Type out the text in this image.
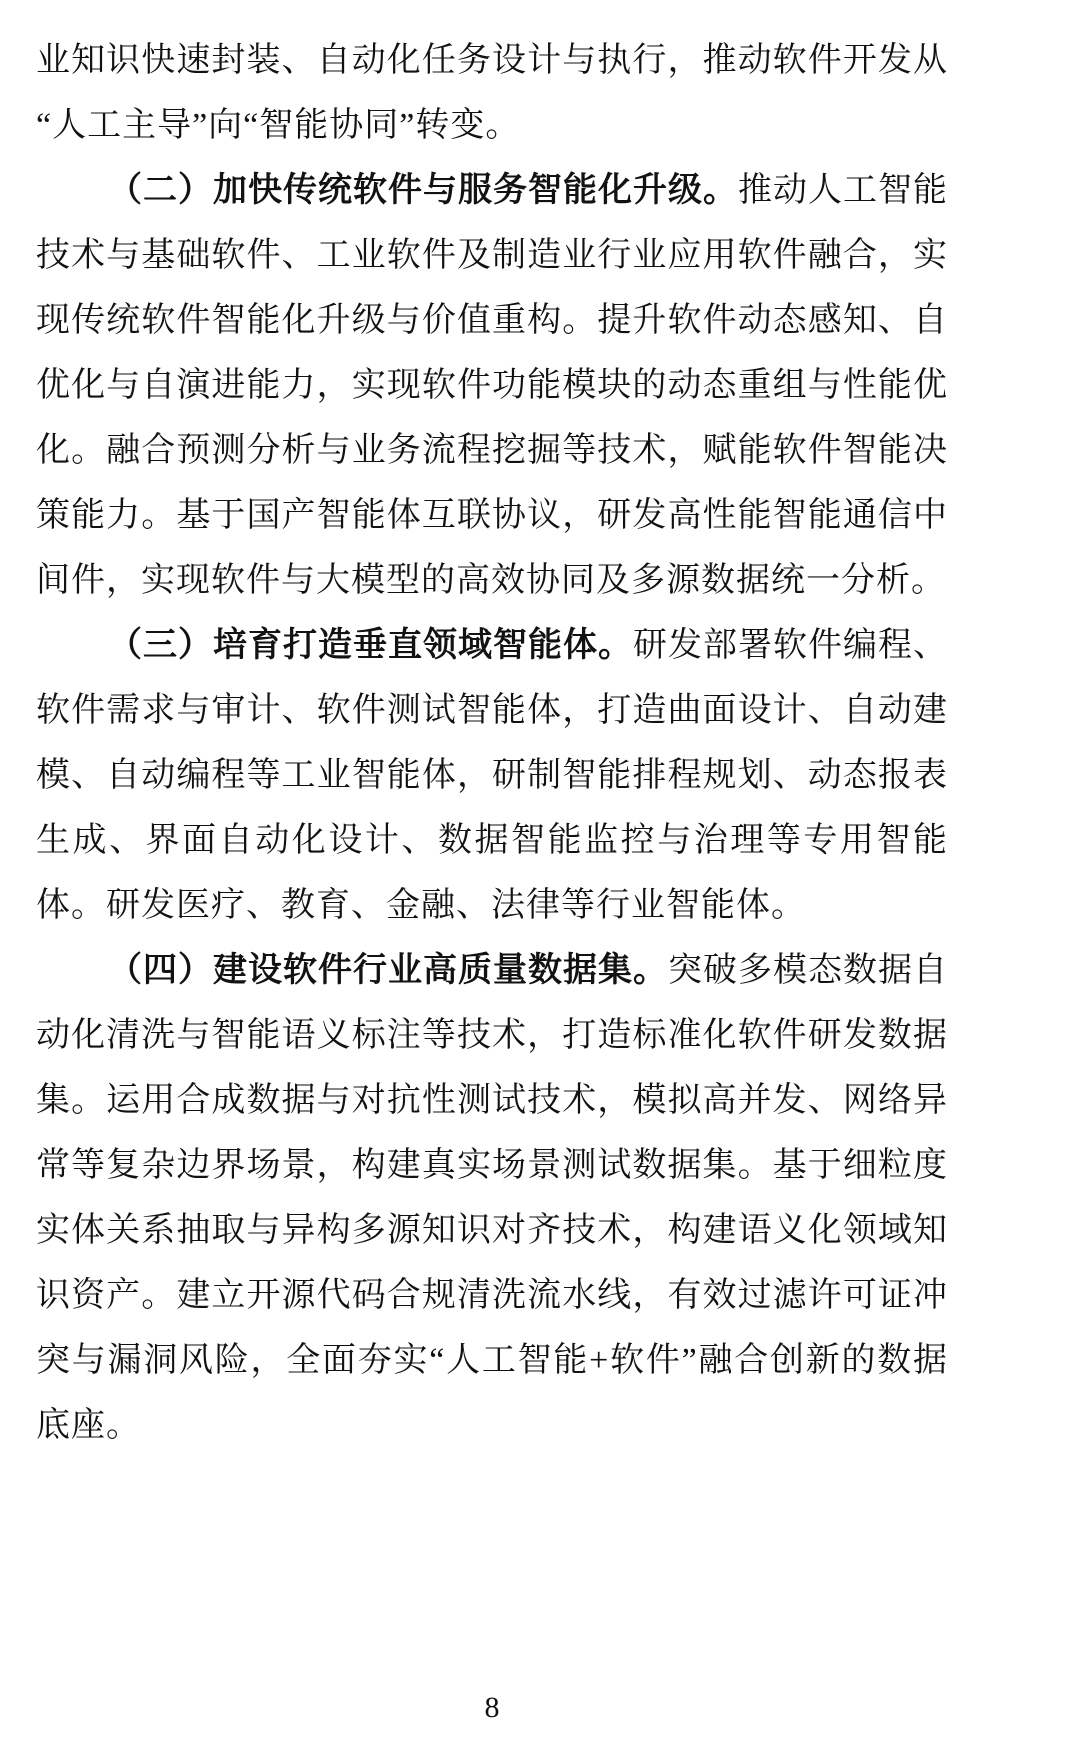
业知识快速封装、自动化任务设计与执行，推动软件开发从“人工主导”向“智能协同”转变。

（二）加快传统软件与服务智能化升级。推动人工智能技术与基础软件、工业软件及制造业行业应用软件融合，实现传统软件智能化升级与价值重构。提升软件动态感知、自优化与自演进能力，实现软件功能模块的动态重组与性能优化。融合预测分析与业务流程挖掘等技术，赋能软件智能决策能力。基于国产智能体互联协议，研发高性能智能通信中间件，实现软件与大模型的高效协同及多源数据统一分析。

（三）培育打造垂直领域智能体。研发部署软件编程、软件需求与审计、软件测试智能体，打造曲面设计、自动建模、自动编程等工业智能体，研制智能排程规划、动态报表生成、界面自动化设计、数据智能监控与治理等专用智能体。研发医疗、教育、金融、法律等行业智能体。

（四）建设软件行业高质量数据集。突破多模态数据自动化清洗与智能语义标注等技术，打造标准化软件研发数据集。运用合成数据与对抗性测试技术，模拟高并发、网络异常等复杂边界场景，构建真实场景测试数据集。基于细粒度实体关系抽取与异构多源知识对齐技术，构建语义化领域知识资产。建立开源代码合规清洗流水线，有效过滤许可证冲突与漏洞风险，全面夯实“人工智能+软件”融合创新的数据底座。

8
